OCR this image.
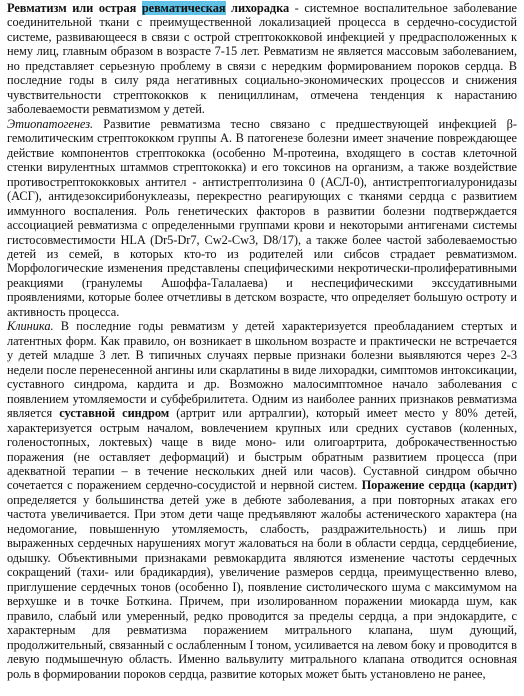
Ревматизм или острая ревматическая лихорадка - системное воспалительное заболевание соединительной ткани с преимущественной локализацией процесса в сердечно-сосудистой системе, развивающееся в связи с острой стрептококковой инфекцией у предрасположенных к нему лиц, главным образом в возрасте 7-15 лет. Ревматизм не является массовым заболеванием, но представляет серьезную проблему в связи с нередким формированием пороков сердца. В последние годы в силу ряда негативных социально-экономических процессов и снижения чувствительности стрептококков к пенициллинам, отмечена тенденция к нарастанию заболеваемости ревматизмом у детей.

Этиопатогенез. Развитие ревматизма тесно связано с предшествующей инфекцией β-гемолитическим стрептококком группы А. В патогенезе болезни имеет значение повреждающее действие компонентов стрептококка (особенно М-протеина, входящего в состав клеточной стенки вирулентных штаммов стрептококка) и его токсинов на организм, а также воздействие противострептококковых антител - антистрептолизина 0 (АСЛ-0), антистрептогиалуронидазы (АСГ), антидезоксирибонуклеазы, перекрестно реагирующих с тканями сердца с развитием иммунного воспаления. Роль генетических факторов в развитии болезни подтверждается ассоциацией ревматизма с определенными группами крови и некоторыми антигенами системы гистосовместимости HLA (Dr5-Dr7, Cw2-Cw3, D8/17), а также более частой заболеваемостью детей из семей, в которых кто-то из родителей или сибсов страдает ревматизмом. Морфологические изменения представлены специфическими некротически-пролиферативными реакциями (гранулемы Ашоффа-Талалаева) и неспецифическими экссудативными проявлениями, которые более отчетливы в детском возрасте, что определяет большую остроту и активность процесса.

Клиника. В последние годы ревматизм у детей характеризуется преобладанием стертых и латентных форм. Как правило, он возникает в школьном возрасте и практически не встречается у детей младше 3 лет. В типичных случаях первые признаки болезни выявляются через 2-3 недели после перенесенной ангины или скарлатины в виде лихорадки, симптомов интоксикации, суставного синдрома, кардита и др. Возможно малосимптомное начало заболевания с появлением утомляемости и субфебрилитета. Одним из наиболее ранних признаков ревматизма является суставной синдром (артрит или артралгии), который имеет место у 80% детей, характеризуется острым началом, вовлечением крупных или средних суставов (коленных, голеностопных, локтевых) чаще в виде моно- или олигоартрита, доброкачественностью поражения (не оставляет деформаций) и быстрым обратным развитием процесса (при адекватной терапии – в течение нескольких дней или часов). Суставной синдром обычно сочетается с поражением сердечно-сосудистой и нервной систем. Поражение сердца (кардит) определяется у большинства детей уже в дебюте заболевания, а при повторных атаках его частота увеличивается. При этом дети чаще предъявляют жалобы астенического характера (на недомогание, повышенную утомляемость, слабость, раздражительность) и лишь при выраженных сердечных нарушениях могут жаловаться на боли в области сердца, сердцебиение, одышку. Объективными признаками ревмокардита являются изменение частоты сердечных сокращений (тахи- или брадикардия), увеличение размеров сердца, преимущественно влево, приглушение сердечных тонов (особенно I), появление систолического шума с максимумом на верхушке и в точке Боткина. Причем, при изолированном поражении миокарда шум, как правило, слабый или умеренный, редко проводится за пределы сердца, а при эндокардите, с характерным для ревматизма поражением митрального клапана, шум дующий, продолжительный, связанный с ослабленным I тоном, усиливается на левом боку и проводится в левую подмышечную область. Именно вальвулиту митрального клапана отводится основная роль в формировании пороков сердца, развитие которых может быть установлено не ранее,
